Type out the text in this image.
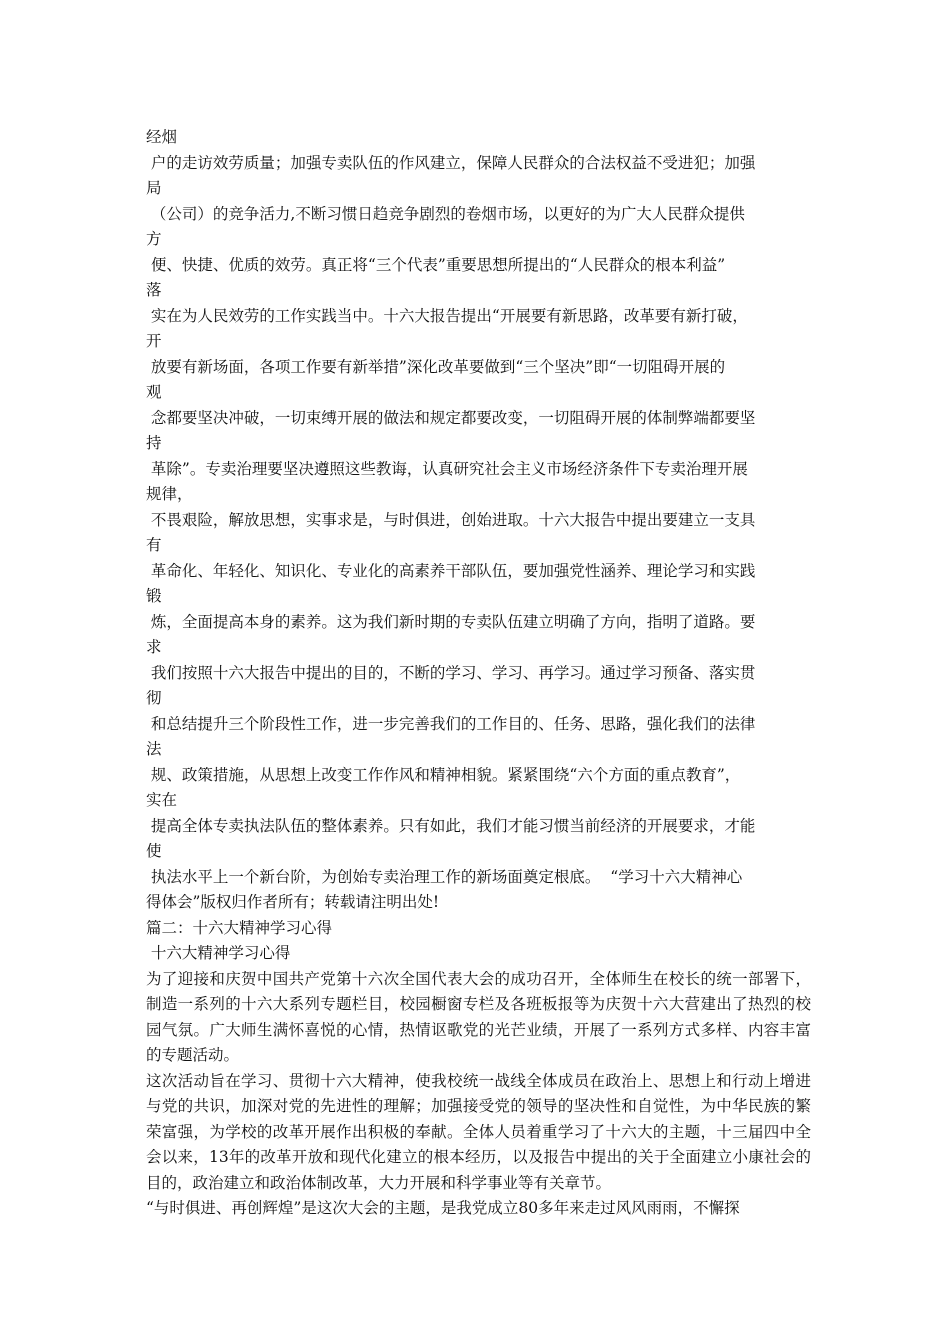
经烟
户的走访效劳质量；加强专卖队伍的作风建立，保障人民群众的合法权益不受进犯；加强
局
（公司）的竞争活力,不断习惯日趋竞争剧烈的卷烟市场，以更好的为广大人民群众提供
方
便、快捷、优质的效劳。真正将“三个代表”重要思想所提出的“人民群众的根本利益”
落
实在为人民效劳的工作实践当中。十六大报告提出“开展要有新思路，改革要有新打破，
开
放要有新场面，各项工作要有新举措”深化改革要做到“三个坚决”即“一切阻碍开展的
观
念都要坚决冲破，一切束缚开展的做法和规定都要改变，一切阻碍开展的体制弊端都要坚
持
革除”。专卖治理要坚决遵照这些教诲，认真研究社会主义市场经济条件下专卖治理开展
规律，
不畏艰险，解放思想，实事求是，与时俱进，创始进取。十六大报告中提出要建立一支具
有
革命化、年轻化、知识化、专业化的高素养干部队伍，要加强党性涵养、理论学习和实践
锻
炼，全面提高本身的素养。这为我们新时期的专卖队伍建立明确了方向，指明了道路。要
求
我们按照十六大报告中提出的目的，不断的学习、学习、再学习。通过学习预备、落实贯
彻
和总结提升三个阶段性工作，进一步完善我们的工作目的、任务、思路，强化我们的法律
法
规、政策措施，从思想上改变工作作风和精神相貌。紧紧围绕“六个方面的重点教育”，
实在
提高全体专卖执法队伍的整体素养。只有如此，我们才能习惯当前经济的开展要求，才能
使
执法水平上一个新台阶，为创始专卖治理工作的新场面奠定根底。  “学习十六大精神心
得体会”版权归作者所有；转载请注明出处!
篇二：十六大精神学习心得
十六大精神学习心得
为了迎接和庆贺中国共产党第十六次全国代表大会的成功召开，全体师生在校长的统一部署下，制造一系列的十六大系列专题栏目，校园橱窗专栏及各班板报等为庆贺十六大营建出了热烈的校园气氛。广大师生满怀喜悦的心情，热情讴歌党的光芒业绩，开展了一系列方式多样、内容丰富的专题活动。
这次活动旨在学习、贯彻十六大精神，使我校统一战线全体成员在政治上、思想上和行动上增进与党的共识，加深对党的先进性的理解；加强接受党的领导的坚决性和自觉性，为中华民族的繁荣富强，为学校的改革开展作出积极的奉献。全体人员着重学习了十六大的主题，十三届四中全会以来，13年的改革开放和现代化建立的根本经历，以及报告中提出的关于全面建立小康社会的目的，政治建立和政治体制改革，大力开展和科学事业等有关章节。
“与时俱进、再创辉煌”是这次大会的主题，是我党成立80多年来走过风风雨雨，不懈探
